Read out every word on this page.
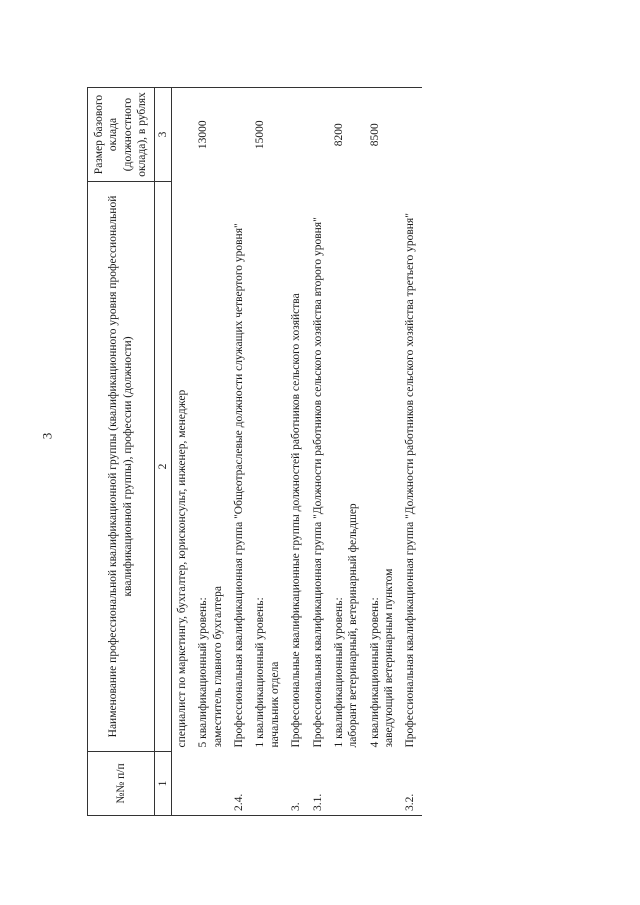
3
№№ п/п	Наименование профессиональной квалификационной группы (квалификационного уровня профессиональной квалификационной группы), профессии (должности)	Размер базового оклада (должностного оклада), в рублях
1	2	3

	специалист по маркетингу, бухгалтер, юрисконсульт, инженер, менеджер	

	5 квалификационный уровень: заместитель главного бухгалтера	13000
2.4.	Профессиональная квалификационная группа "Общеотраслевые должности служащих четвертого уровня"	

	1 квалификационный уровень: начальник отдела	15000
3.	Профессиональные квалификационные группы должностей работников сельского хозяйства	

3.1.	Профессиональная квалификационная группа "Должности работников сельского хозяйства второго уровня"	

	1 квалификационный уровень: лаборант ветеринарный, ветеринарный фельдшер	8200

	4 квалификационный уровень: заведующий ветеринарным пунктом	8500
3.2.	Профессиональная квалификационная группа "Должности работников сельского хозяйства третьего уровня"	
